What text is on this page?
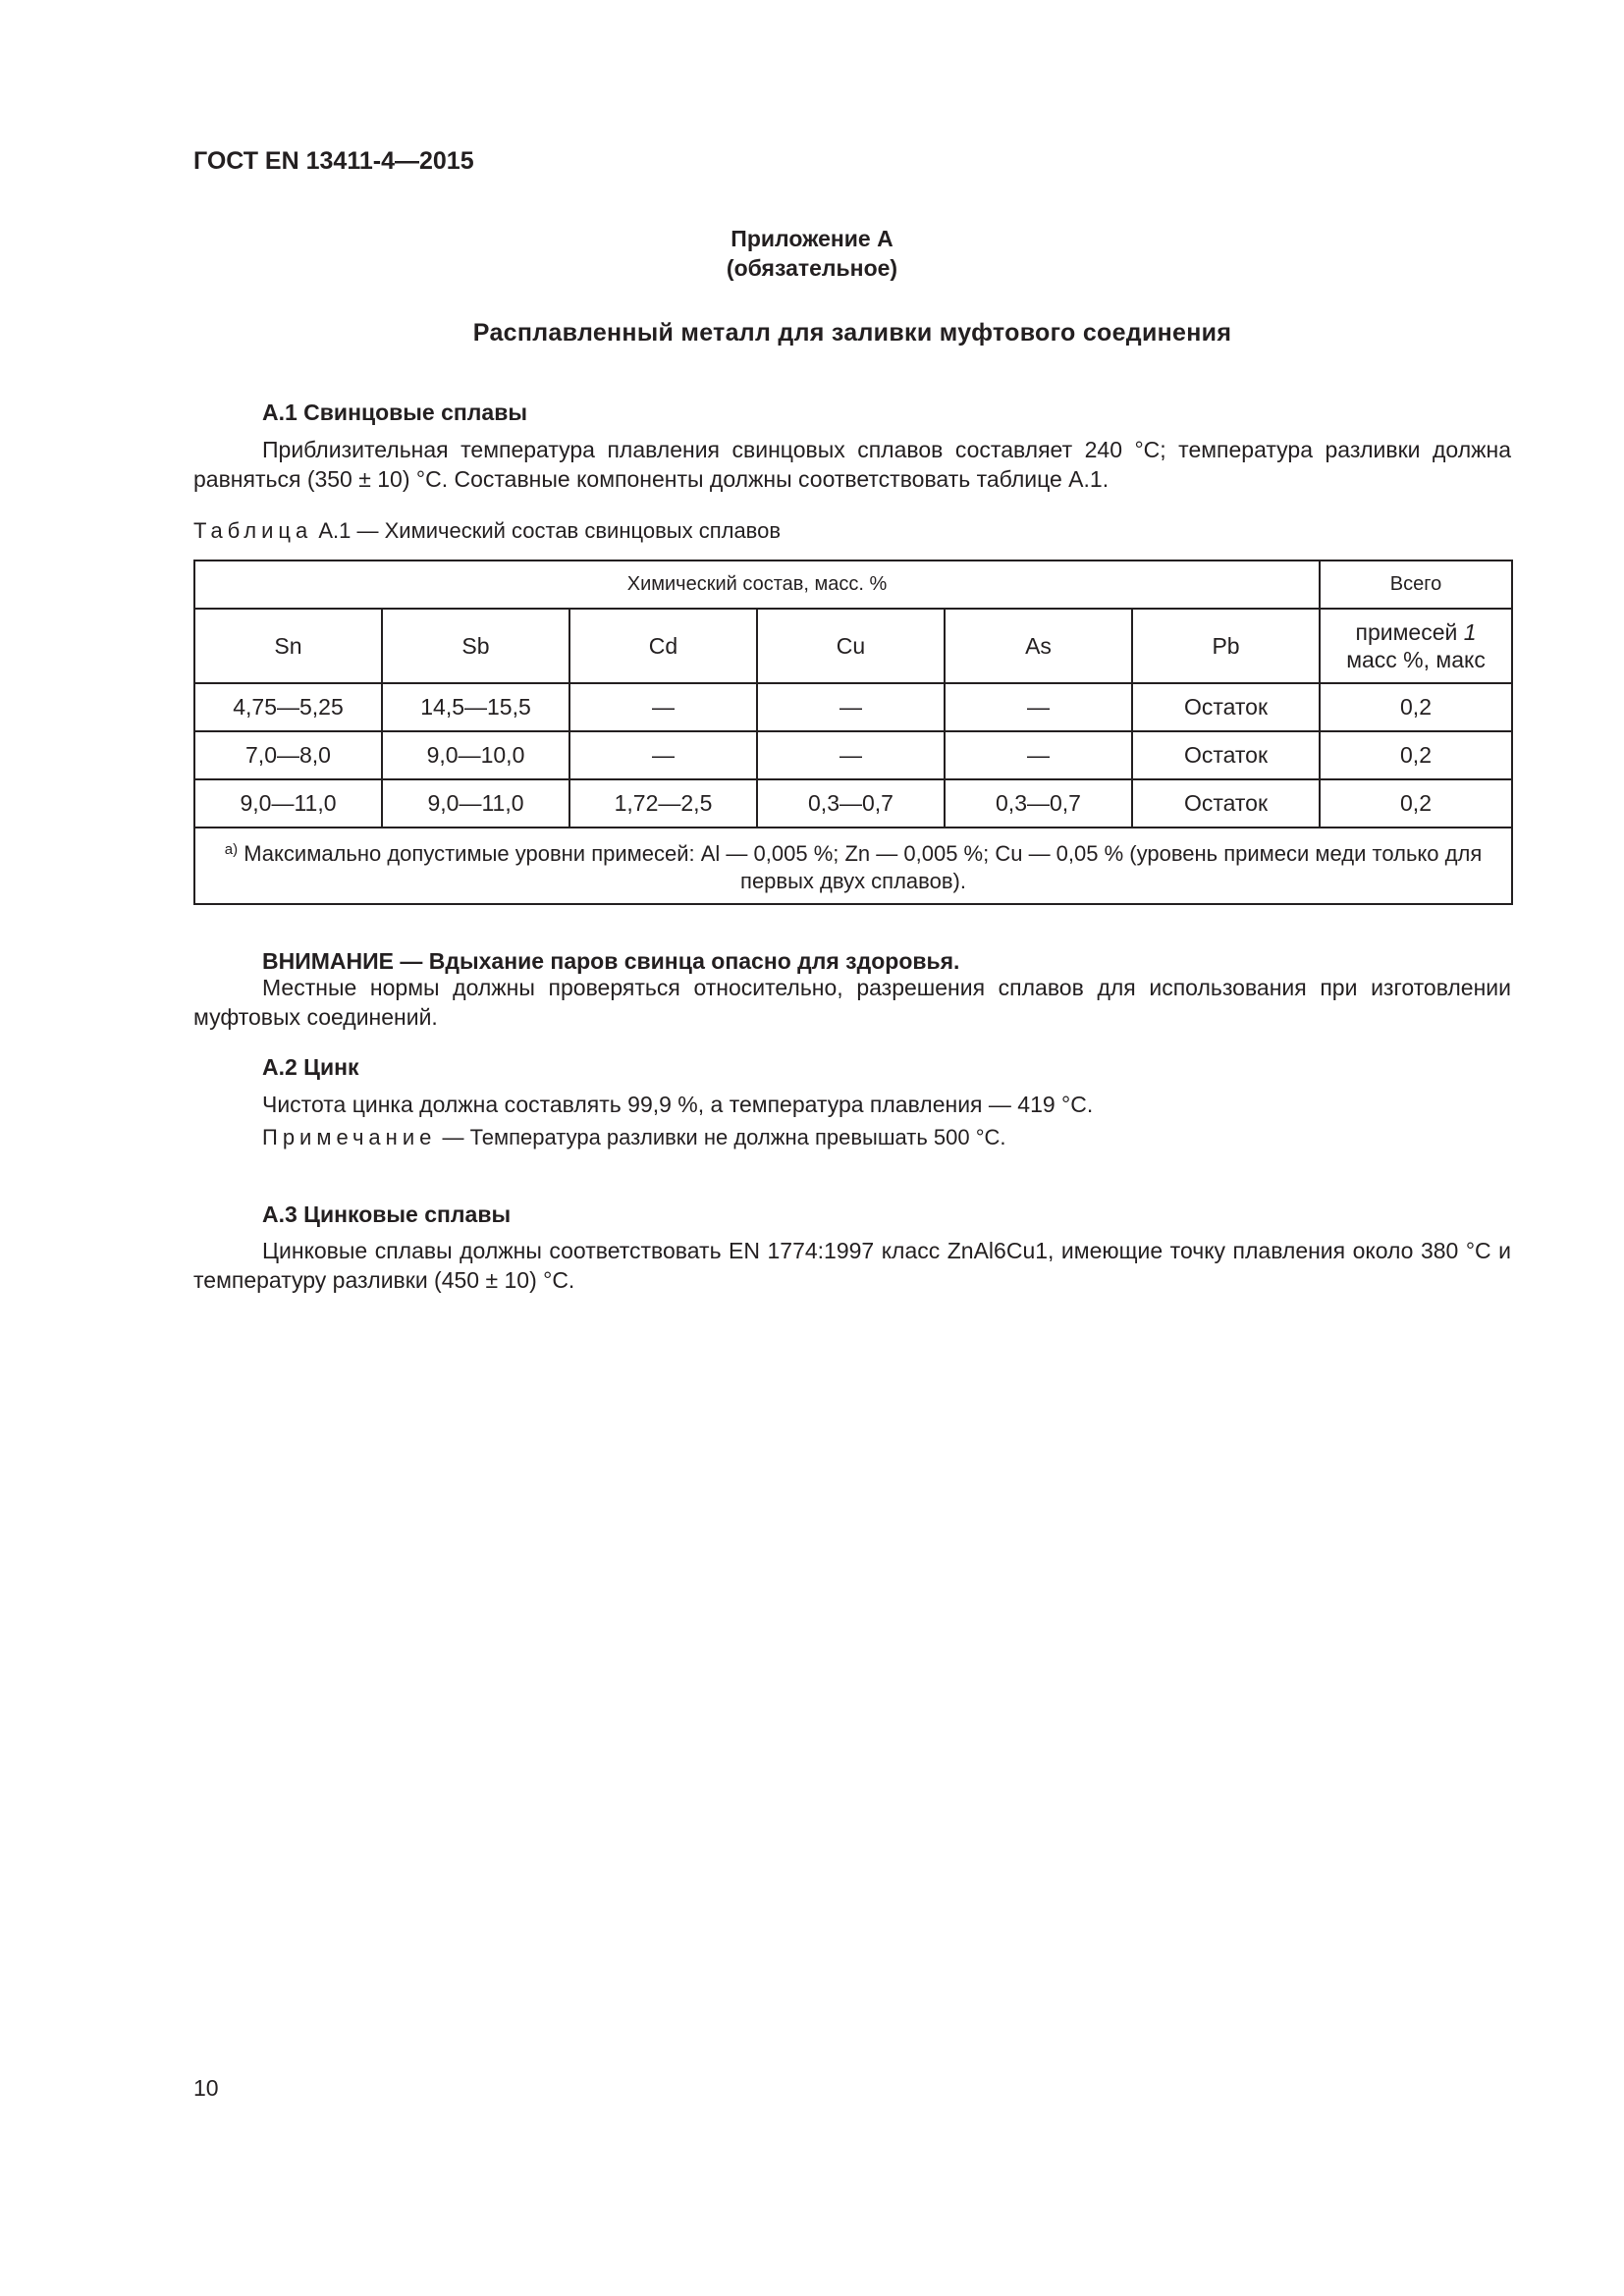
ГОСТ EN 13411-4—2015
Приложение А
(обязательное)
Расплавленный металл для заливки муфтового соединения
А.1 Свинцовые сплавы
Приблизительная температура плавления свинцовых сплавов составляет 240 °С; температура разливки должна равняться (350 ± 10) °С. Составные компоненты должны соответствовать таблице А.1.
Таблица А.1 — Химический состав свинцовых сплавов
Химический состав, масс. %						Всего
Sn	Sb	Cd	Cu	As	Pb	примесей 1
масс %, макс
4,75—5,25	14,5—15,5	—	—	—	Остаток	0,2
7,0—8,0	9,0—10,0	—	—	—	Остаток	0,2
9,0—11,0	9,0—11,0	1,72—2,5	0,3—0,7	0,3—0,7	Остаток	0,2
$^{а)}$ Максимально допустимые уровни примесей: Al — 0,005 %; Zn — 0,005 %; Cu — 0,05 % (уровень примеси меди только для первых двух сплавов).						
ВНИМАНИЕ — Вдыхание паров свинца опасно для здоровья.
Местные нормы должны проверяться относительно, разрешения сплавов для использования при изготовлении муфтовых соединений.
А.2 Цинк
Чистота цинка должна составлять 99,9 %, а температура плавления — 419 °С.
Примечание — Температура разливки не должна превышать 500 °С.
А.3 Цинковые сплавы
Цинковые сплавы должны соответствовать EN 1774:1997 класс ZnAl6Cu1, имеющие точку плавления около 380 °С и температуру разливки (450 ± 10) °С.
10
